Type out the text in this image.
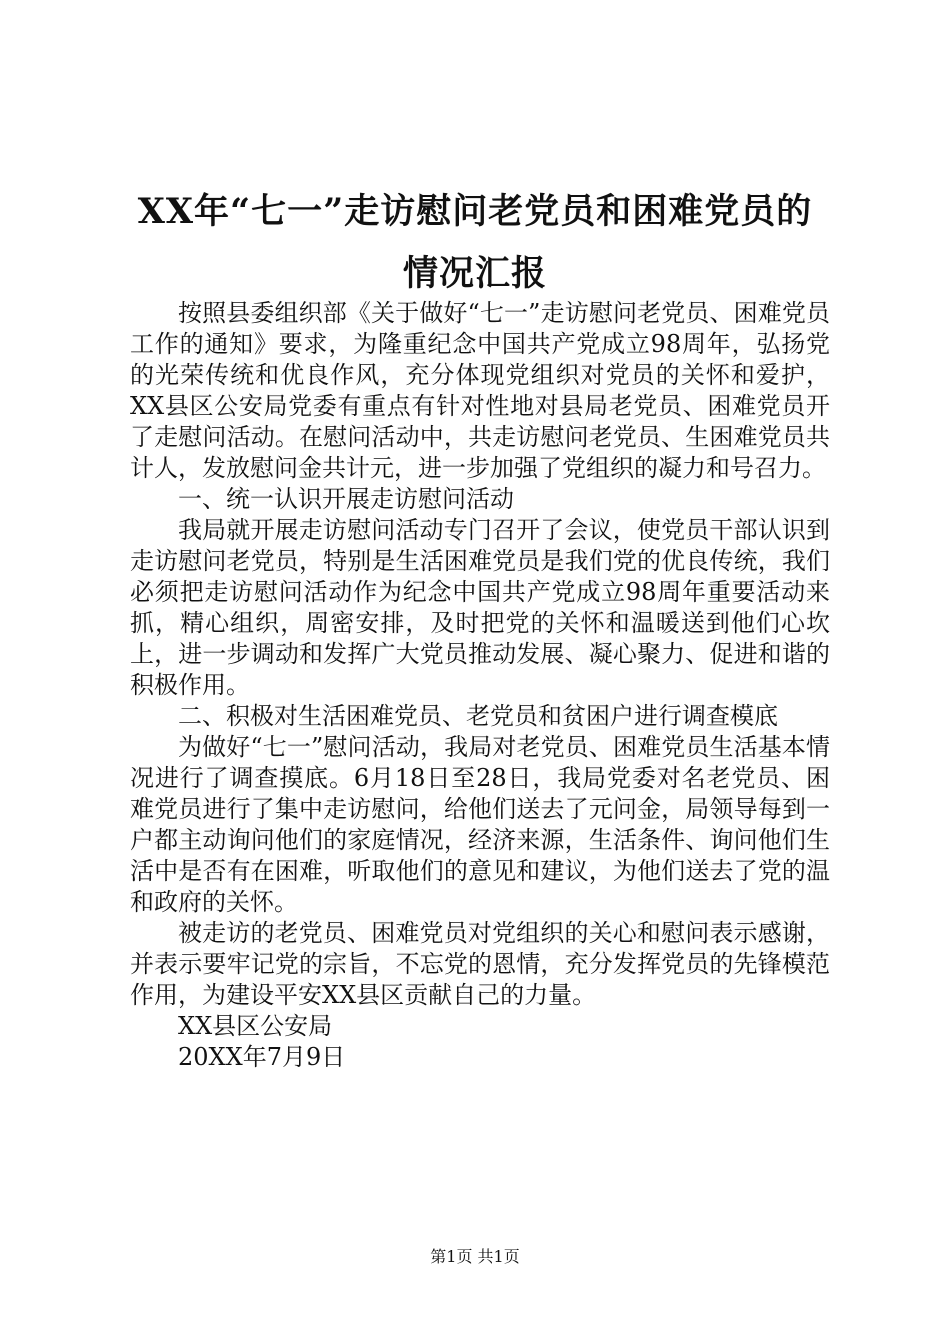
XX年“七一”走访慰问老党员和困难党员的
情况汇报

按照县委组织部《关于做好“七一”走访慰问老党员、困难党员工作的通知》要求，为隆重纪念中国共产党成立98周年，弘扬党的光荣传统和优良作风，充分体现党组织对党员的关怀和爱护，XX县区公安局党委有重点有针对性地对县局老党员、困难党员开了走慰问活动。在慰问活动中，共走访慰问老党员、生困难党员共计人，发放慰问金共计元，进一步加强了党组织的凝力和号召力。

一、统一认识开展走访慰问活动

我局就开展走访慰问活动专门召开了会议，使党员干部认识到走访慰问老党员，特别是生活困难党员是我们党的优良传统，我们必须把走访慰问活动作为纪念中国共产党成立98周年重要活动来抓，精心组织，周密安排，及时把党的关怀和温暖送到他们心坎上，进一步调动和发挥广大党员推动发展、凝心聚力、促进和谐的积极作用。

二、积极对生活困难党员、老党员和贫困户进行调查模底

为做好“七一”慰问活动，我局对老党员、困难党员生活基本情况进行了调查摸底。6月18日至28日，我局党委对名老党员、困难党员进行了集中走访慰问，给他们送去了元问金，局领导每到一户都主动询问他们的家庭情况，经济来源，生活条件、询问他们生活中是否有在困难，听取他们的意见和建议，为他们送去了党的温和政府的关怀。

被走访的老党员、困难党员对党组织的关心和慰问表示感谢，并表示要牢记党的宗旨，不忘党的恩情，充分发挥党员的先锋模范作用，为建设平安XX县区贡献自己的力量。

XX县区公安局

20XX年7月9日

第1页 共1页
